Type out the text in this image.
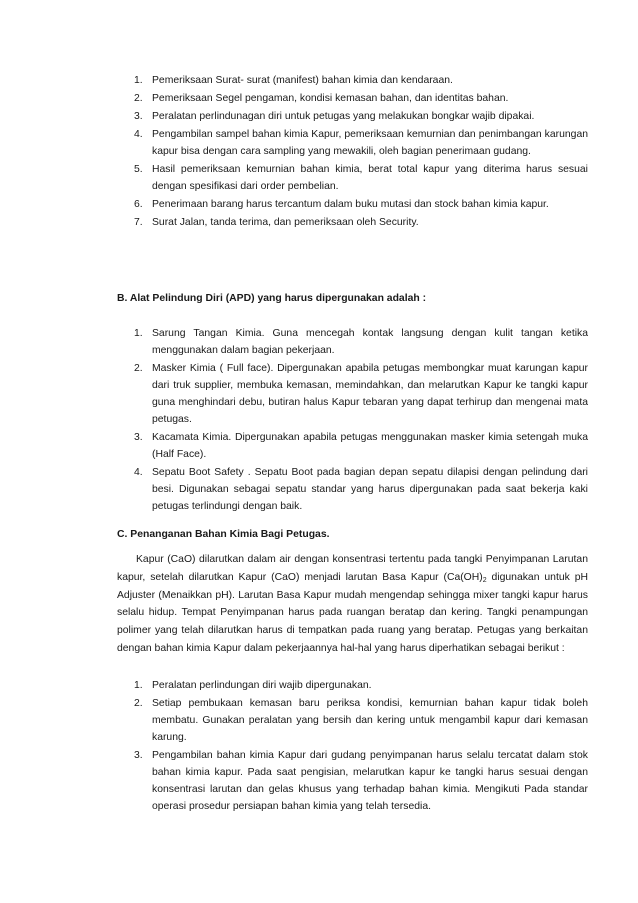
1. Pemeriksaan Surat- surat (manifest) bahan kimia dan kendaraan.
2. Pemeriksaan Segel pengaman, kondisi kemasan bahan, dan identitas bahan.
3. Peralatan perlindunagan diri untuk petugas yang melakukan bongkar wajib dipakai.
4. Pengambilan sampel bahan kimia Kapur, pemeriksaan kemurnian dan penimbangan karungan kapur bisa dengan cara sampling yang mewakili, oleh bagian penerimaan gudang.
5. Hasil pemeriksaan kemurnian bahan kimia, berat total kapur yang diterima harus sesuai dengan spesifikasi dari order pembelian.
6. Penerimaan barang harus tercantum dalam buku mutasi dan stock bahan kimia kapur.
7. Surat Jalan, tanda terima, dan pemeriksaan oleh Security.

B. Alat Pelindung Diri (APD) yang harus dipergunakan adalah :

1. Sarung Tangan Kimia. Guna mencegah kontak langsung dengan kulit tangan ketika menggunakan dalam bagian pekerjaan.
2. Masker Kimia ( Full face). Dipergunakan apabila petugas membongkar muat karungan kapur dari truk supplier, membuka kemasan, memindahkan, dan melarutkan Kapur ke tangki kapur guna menghindari debu, butiran halus Kapur tebaran yang dapat terhirup dan mengenai mata petugas.
3. Kacamata Kimia. Dipergunakan apabila petugas menggunakan masker kimia setengah muka (Half Face).
4. Sepatu Boot Safety . Sepatu Boot pada bagian depan sepatu dilapisi dengan pelindung dari besi. Digunakan sebagai sepatu standar yang harus dipergunakan pada saat bekerja kaki petugas terlindungi dengan baik.

C. Penanganan Bahan Kimia Bagi Petugas.

Kapur (CaO) dilarutkan dalam air dengan konsentrasi tertentu pada tangki Penyimpanan Larutan kapur, setelah dilarutkan Kapur (CaO) menjadi larutan Basa Kapur ($Ca(OH)_2$ digunakan untuk pH Adjuster (Menaikkan pH). Larutan Basa Kapur mudah mengendap sehingga mixer tangki kapur harus selalu hidup. Tempat Penyimpanan harus pada ruangan beratap dan kering. Tangki penampungan polimer yang telah dilarutkan harus di tempatkan pada ruang yang beratap. Petugas yang berkaitan dengan bahan kimia Kapur dalam pekerjaannya hal-hal yang harus diperhatikan sebagai berikut :

1. Peralatan perlindungan diri wajib dipergunakan.
2. Setiap pembukaan kemasan baru periksa kondisi, kemurnian bahan kapur tidak boleh membatu. Gunakan peralatan yang bersih dan kering untuk mengambil kapur dari kemasan karung.
3. Pengambilan bahan kimia Kapur dari gudang penyimpanan harus selalu tercatat dalam stok bahan kimia kapur. Pada saat pengisian, melarutkan kapur ke tangki harus sesuai dengan konsentrasi larutan dan gelas khusus yang terhadap bahan kimia. Mengikuti Pada standar operasi prosedur persiapan bahan kimia yang telah tersedia.
